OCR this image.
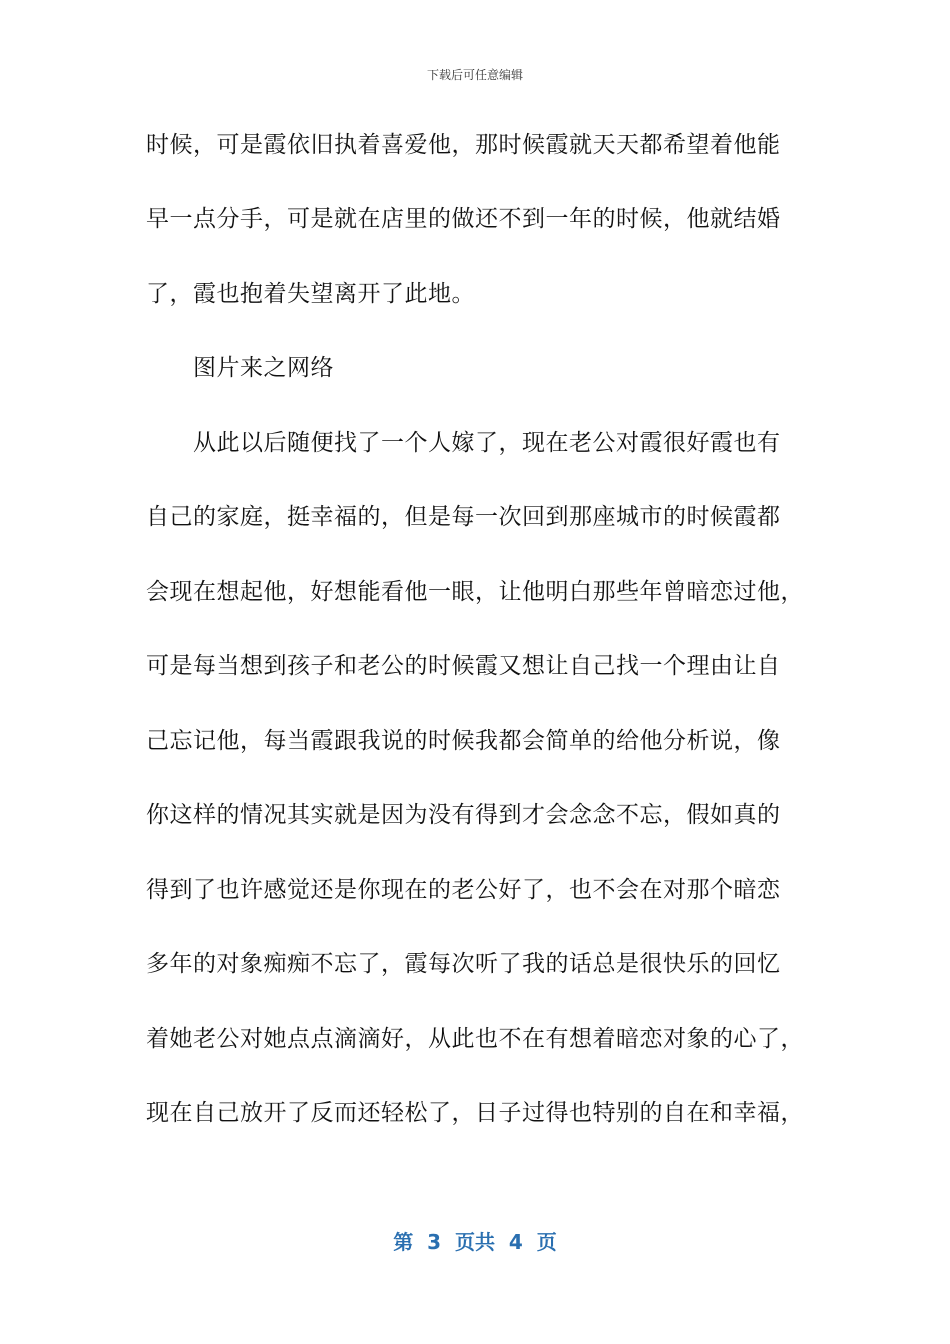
下载后可任意编辑
时候，可是霞依旧执着喜爱他，那时候霞就天天都希望着他能
早一点分手，可是就在店里的做还不到一年的时候，他就结婚
了，霞也抱着失望离开了此地。
图片来之网络
从此以后随便找了一个人嫁了，现在老公对霞很好霞也有
自己的家庭，挺幸福的，但是每一次回到那座城市的时候霞都
会现在想起他，好想能看他一眼，让他明白那些年曾暗恋过他，
可是每当想到孩子和老公的时候霞又想让自己找一个理由让自
己忘记他，每当霞跟我说的时候我都会简单的给他分析说，像
你这样的情况其实就是因为没有得到才会念念不忘，假如真的
得到了也许感觉还是你现在的老公好了，也不会在对那个暗恋
多年的对象痴痴不忘了，霞每次听了我的话总是很快乐的回忆
着她老公对她点点滴滴好，从此也不在有想着暗恋对象的心了，
现在自己放开了反而还轻松了，日子过得也特别的自在和幸福，
第  3  页共  4  页
